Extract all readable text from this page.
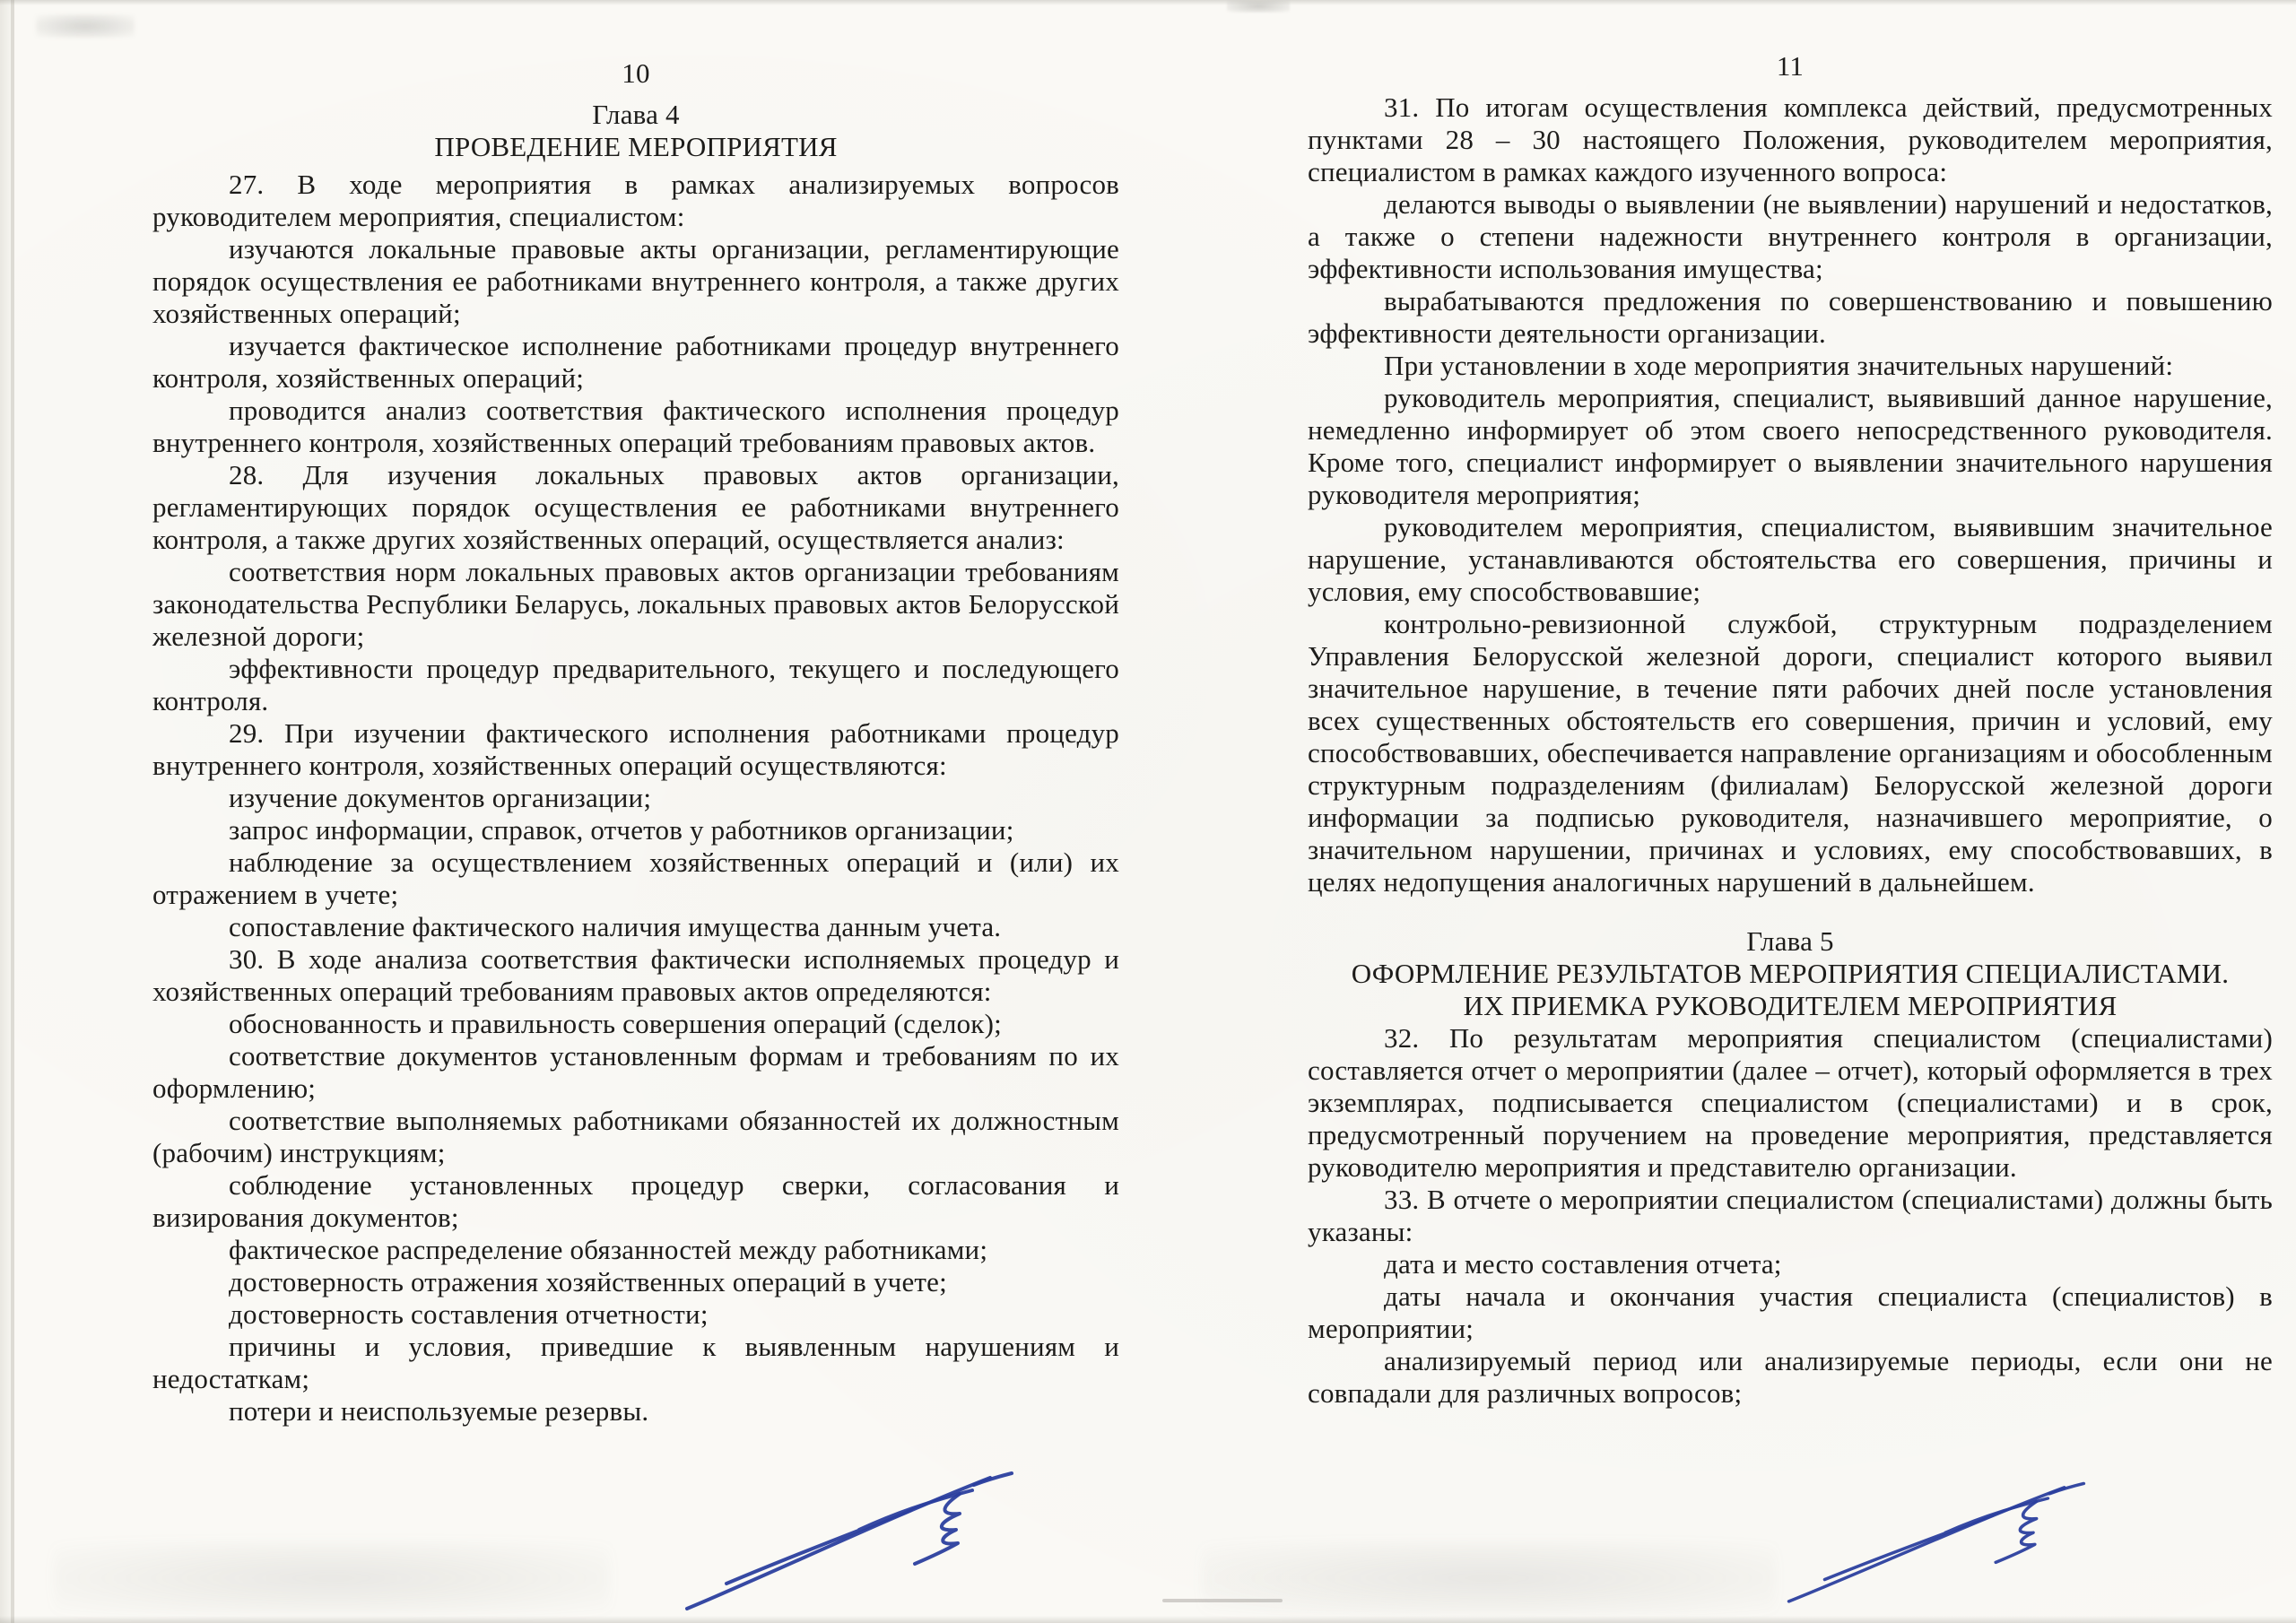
10
Глава 4
ПРОВЕДЕНИЕ МЕРОПРИЯТИЯ

27. В ходе мероприятия в рамках анализируемых вопросов руководителем мероприятия, специалистом:

изучаются локальные правовые акты организации, регламентирующие порядок осуществления ее работниками внутреннего контроля, а также других хозяйственных операций;

изучается фактическое исполнение работниками процедур внутреннего контроля, хозяйственных операций;

проводится анализ соответствия фактического исполнения процедур внутреннего контроля, хозяйственных операций требованиям правовых актов.

28. Для изучения локальных правовых актов организации, регламентирующих порядок осуществления ее работниками внутреннего контроля, а также других хозяйственных операций, осуществляется анализ:

соответствия норм локальных правовых актов организации требованиям законодательства Республики Беларусь, локальных правовых актов Белорусской железной дороги;

эффективности процедур предварительного, текущего и последующего контроля.

29. При изучении фактического исполнения работниками процедур внутреннего контроля, хозяйственных операций осуществляются:

изучение документов организации;

запрос информации, справок, отчетов у работников организации;

наблюдение за осуществлением хозяйственных операций и (или) их отражением в учете;

сопоставление фактического наличия имущества данным учета.

30. В ходе анализа соответствия фактически исполняемых процедур и хозяйственных операций требованиям правовых актов определяются:

обоснованность и правильность совершения операций (сделок);

соответствие документов установленным формам и требованиям по их оформлению;

соответствие выполняемых работниками обязанностей их должностным (рабочим) инструкциям;

соблюдение установленных процедур сверки, согласования и визирования документов;

фактическое распределение обязанностей между работниками;

достоверность отражения хозяйственных операций в учете;

достоверность составления отчетности;

причины и условия, приведшие к выявленным нарушениям и недостаткам;

потери и неиспользуемые резервы.

11

31. По итогам осуществления комплекса действий, предусмотренных пунктами 28 – 30 настоящего Положения, руководителем мероприятия, специалистом в рамках каждого изученного вопроса:

делаются выводы о выявлении (не выявлении) нарушений и недостатков, а также о степени надежности внутреннего контроля в организации, эффективности использования имущества;

вырабатываются предложения по совершенствованию и повышению эффективности деятельности организации.

При установлении в ходе мероприятия значительных нарушений:

руководитель мероприятия, специалист, выявивший данное нарушение, немедленно информирует об этом своего непосредственного руководителя. Кроме того, специалист информирует о выявлении значительного нарушения руководителя мероприятия;

руководителем мероприятия, специалистом, выявившим значительное нарушение, устанавливаются обстоятельства его совершения, причины и условия, ему способствовавшие;

контрольно-ревизионной службой, структурным подразделением Управления Белорусской железной дороги, специалист которого выявил значительное нарушение, в течение пяти рабочих дней после установления всех существенных обстоятельств его совершения, причин и условий, ему способствовавших, обеспечивается направление организациям и обособленным структурным подразделениям (филиалам) Белорусской железной дороги информации за подписью руководителя, назначившего мероприятие, о значительном нарушении, причинах и условиях, ему способствовавших, в целях недопущения аналогичных нарушений в дальнейшем.

Глава 5
ОФОРМЛЕНИЕ РЕЗУЛЬТАТОВ МЕРОПРИЯТИЯ СПЕЦИАЛИСТАМИ.
ИХ ПРИЕМКА РУКОВОДИТЕЛЕМ МЕРОПРИЯТИЯ

32. По результатам мероприятия специалистом (специалистами) составляется отчет о мероприятии (далее – отчет), который оформляется в трех экземплярах, подписывается специалистом (специалистами) и в срок, предусмотренный поручением на проведение мероприятия, представляется руководителю мероприятия и представителю организации.

33. В отчете о мероприятии специалистом (специалистами) должны быть указаны:

дата и место составления отчета;

даты начала и окончания участия специалиста (специалистов) в мероприятии;

анализируемый период или анализируемые периоды, если они не совпадали для различных вопросов;
